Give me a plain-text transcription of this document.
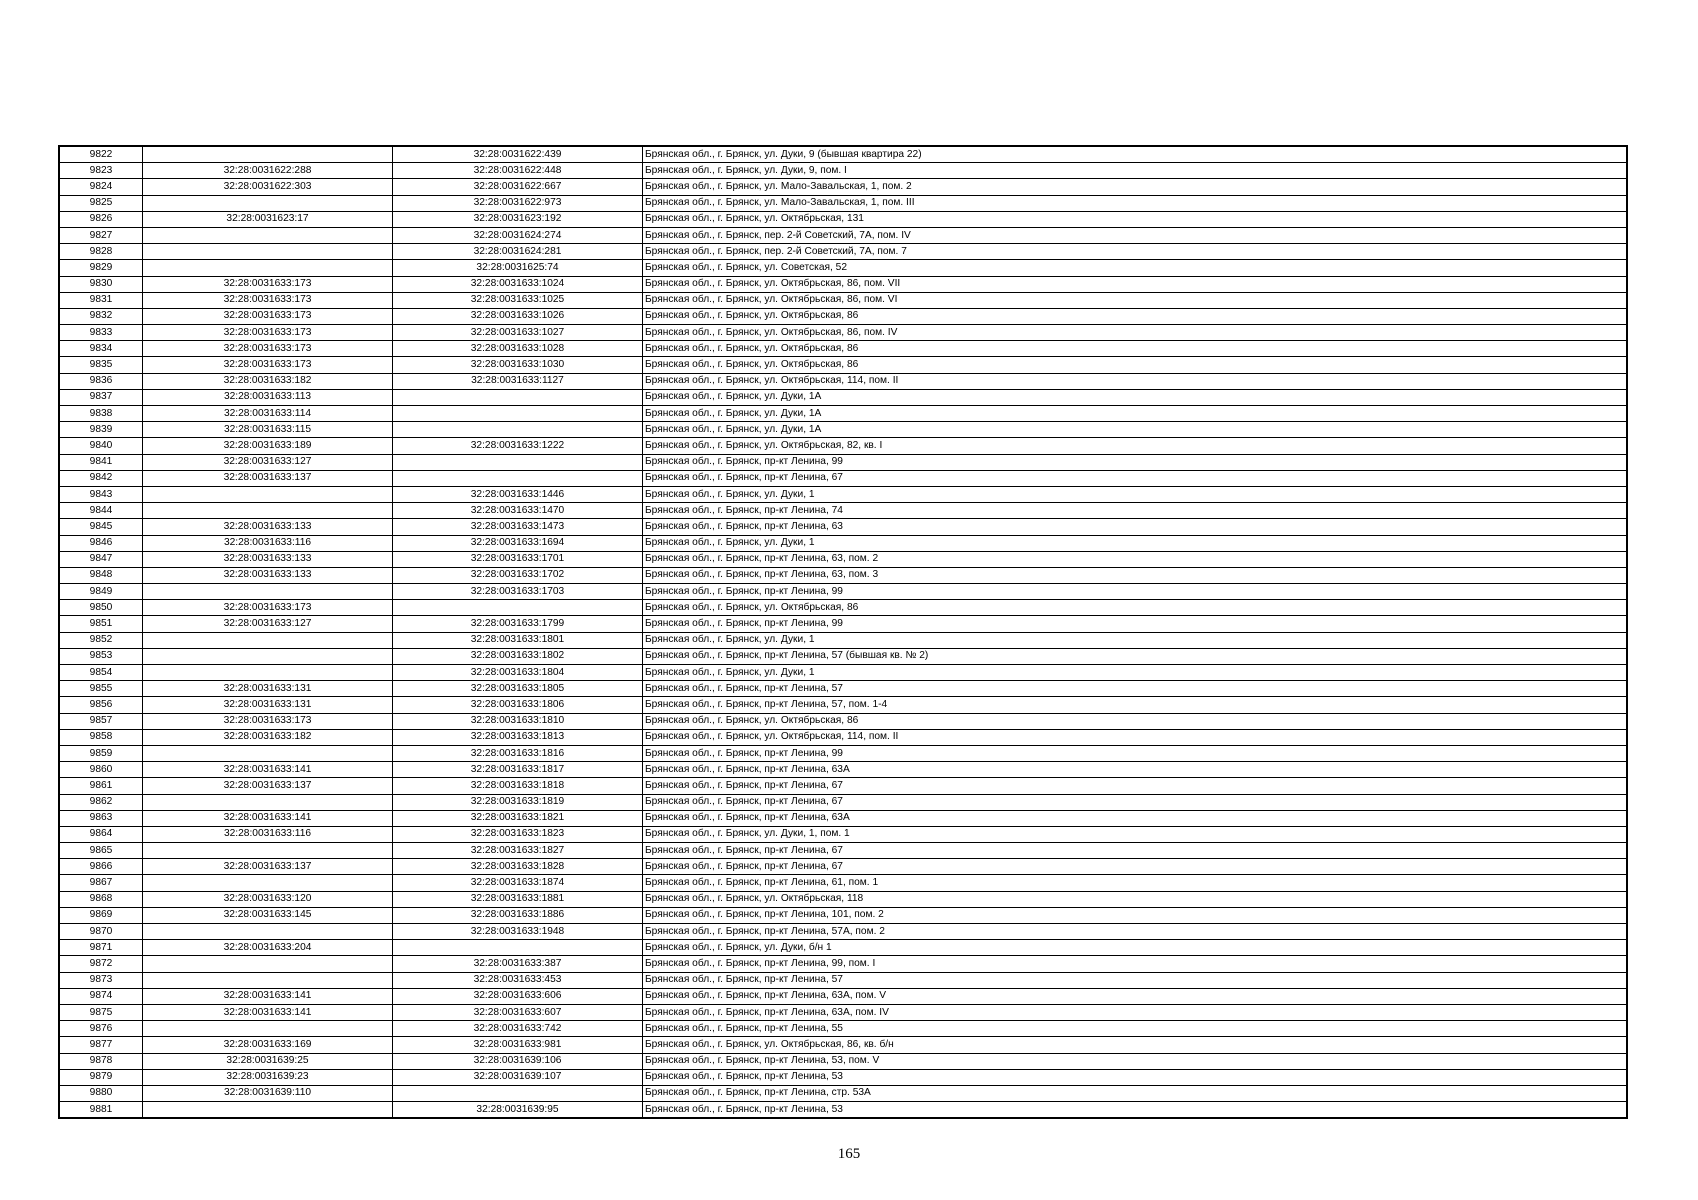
9822		32:28:0031622:439	Брянская обл., г. Брянск, ул. Дуки, 9 (бывшая квартира 22)
9823	32:28:0031622:288	32:28:0031622:448	Брянская обл., г. Брянск, ул. Дуки, 9, пом. I
9824	32:28:0031622:303	32:28:0031622:667	Брянская обл., г. Брянск, ул. Мало-Завальская, 1, пом. 2
9825		32:28:0031622:973	Брянская обл., г. Брянск, ул. Мало-Завальская, 1, пом. III
9826	32:28:0031623:17	32:28:0031623:192	Брянская обл., г. Брянск, ул. Октябрьская, 131
9827		32:28:0031624:274	Брянская обл., г. Брянск, пер. 2-й Советский, 7А, пом. IV
9828		32:28:0031624:281	Брянская обл., г. Брянск, пер. 2-й Советский, 7А, пом. 7
9829		32:28:0031625:74	Брянская обл., г. Брянск, ул. Советская, 52
9830	32:28:0031633:173	32:28:0031633:1024	Брянская обл., г. Брянск, ул. Октябрьская, 86, пом. VII
9831	32:28:0031633:173	32:28:0031633:1025	Брянская обл., г. Брянск, ул. Октябрьская, 86, пом. VI
9832	32:28:0031633:173	32:28:0031633:1026	Брянская обл., г. Брянск, ул. Октябрьская, 86
9833	32:28:0031633:173	32:28:0031633:1027	Брянская обл., г. Брянск, ул. Октябрьская, 86, пом. IV
9834	32:28:0031633:173	32:28:0031633:1028	Брянская обл., г. Брянск, ул. Октябрьская, 86
9835	32:28:0031633:173	32:28:0031633:1030	Брянская обл., г. Брянск, ул. Октябрьская, 86
9836	32:28:0031633:182	32:28:0031633:1127	Брянская обл., г. Брянск, ул. Октябрьская, 114, пом. II
9837	32:28:0031633:113		Брянская обл., г. Брянск, ул. Дуки, 1А
9838	32:28:0031633:114		Брянская обл., г. Брянск, ул. Дуки, 1А
9839	32:28:0031633:115		Брянская обл., г. Брянск, ул. Дуки, 1А
9840	32:28:0031633:189	32:28:0031633:1222	Брянская обл., г. Брянск, ул. Октябрьская, 82, кв. I
9841	32:28:0031633:127		Брянская обл., г. Брянск, пр-кт Ленина, 99
9842	32:28:0031633:137		Брянская обл., г. Брянск, пр-кт Ленина, 67
9843		32:28:0031633:1446	Брянская обл., г. Брянск, ул. Дуки, 1
9844		32:28:0031633:1470	Брянская обл., г. Брянск, пр-кт Ленина, 74
9845	32:28:0031633:133	32:28:0031633:1473	Брянская обл., г. Брянск, пр-кт Ленина, 63
9846	32:28:0031633:116	32:28:0031633:1694	Брянская обл., г. Брянск, ул. Дуки, 1
9847	32:28:0031633:133	32:28:0031633:1701	Брянская обл., г. Брянск, пр-кт Ленина, 63, пом. 2
9848	32:28:0031633:133	32:28:0031633:1702	Брянская обл., г. Брянск, пр-кт Ленина, 63, пом. 3
9849		32:28:0031633:1703	Брянская обл., г. Брянск, пр-кт Ленина, 99
9850	32:28:0031633:173		Брянская обл., г. Брянск, ул. Октябрьская, 86
9851	32:28:0031633:127	32:28:0031633:1799	Брянская обл., г. Брянск, пр-кт Ленина, 99
9852		32:28:0031633:1801	Брянская обл., г. Брянск, ул. Дуки, 1
9853		32:28:0031633:1802	Брянская обл., г. Брянск, пр-кт Ленина, 57 (бывшая кв. № 2)
9854		32:28:0031633:1804	Брянская обл., г. Брянск, ул. Дуки, 1
9855	32:28:0031633:131	32:28:0031633:1805	Брянская обл., г. Брянск, пр-кт Ленина, 57
9856	32:28:0031633:131	32:28:0031633:1806	Брянская обл., г. Брянск, пр-кт Ленина, 57, пом. 1-4
9857	32:28:0031633:173	32:28:0031633:1810	Брянская обл., г. Брянск, ул. Октябрьская, 86
9858	32:28:0031633:182	32:28:0031633:1813	Брянская обл., г. Брянск, ул. Октябрьская, 114, пом. II
9859		32:28:0031633:1816	Брянская обл., г. Брянск, пр-кт Ленина, 99
9860	32:28:0031633:141	32:28:0031633:1817	Брянская обл., г. Брянск, пр-кт Ленина, 63А
9861	32:28:0031633:137	32:28:0031633:1818	Брянская обл., г. Брянск, пр-кт Ленина, 67
9862		32:28:0031633:1819	Брянская обл., г. Брянск, пр-кт Ленина, 67
9863	32:28:0031633:141	32:28:0031633:1821	Брянская обл., г. Брянск, пр-кт Ленина, 63А
9864	32:28:0031633:116	32:28:0031633:1823	Брянская обл., г. Брянск, ул. Дуки, 1, пом. 1
9865		32:28:0031633:1827	Брянская обл., г. Брянск, пр-кт Ленина, 67
9866	32:28:0031633:137	32:28:0031633:1828	Брянская обл., г. Брянск, пр-кт Ленина, 67
9867		32:28:0031633:1874	Брянская обл., г. Брянск, пр-кт Ленина, 61, пом. 1
9868	32:28:0031633:120	32:28:0031633:1881	Брянская обл., г. Брянск, ул. Октябрьская, 118
9869	32:28:0031633:145	32:28:0031633:1886	Брянская обл., г. Брянск, пр-кт Ленина, 101, пом. 2
9870		32:28:0031633:1948	Брянская обл., г. Брянск, пр-кт Ленина, 57А, пом. 2
9871	32:28:0031633:204		Брянская обл., г. Брянск, ул. Дуки, б/н 1
9872		32:28:0031633:387	Брянская обл., г. Брянск, пр-кт Ленина, 99, пом. I
9873		32:28:0031633:453	Брянская обл., г. Брянск, пр-кт Ленина, 57
9874	32:28:0031633:141	32:28:0031633:606	Брянская обл., г. Брянск, пр-кт Ленина, 63А, пом. V
9875	32:28:0031633:141	32:28:0031633:607	Брянская обл., г. Брянск, пр-кт Ленина, 63А, пом. IV
9876		32:28:0031633:742	Брянская обл., г. Брянск, пр-кт Ленина, 55
9877	32:28:0031633:169	32:28:0031633:981	Брянская обл., г. Брянск, ул. Октябрьская, 86, кв. б/н
9878	32:28:0031639:25	32:28:0031639:106	Брянская обл., г. Брянск, пр-кт Ленина, 53, пом. V
9879	32:28:0031639:23	32:28:0031639:107	Брянская обл., г. Брянск, пр-кт Ленина, 53
9880	32:28:0031639:110		Брянская обл., г. Брянск, пр-кт Ленина, стр. 53А
9881		32:28:0031639:95	Брянская обл., г. Брянск, пр-кт Ленина, 53
165
